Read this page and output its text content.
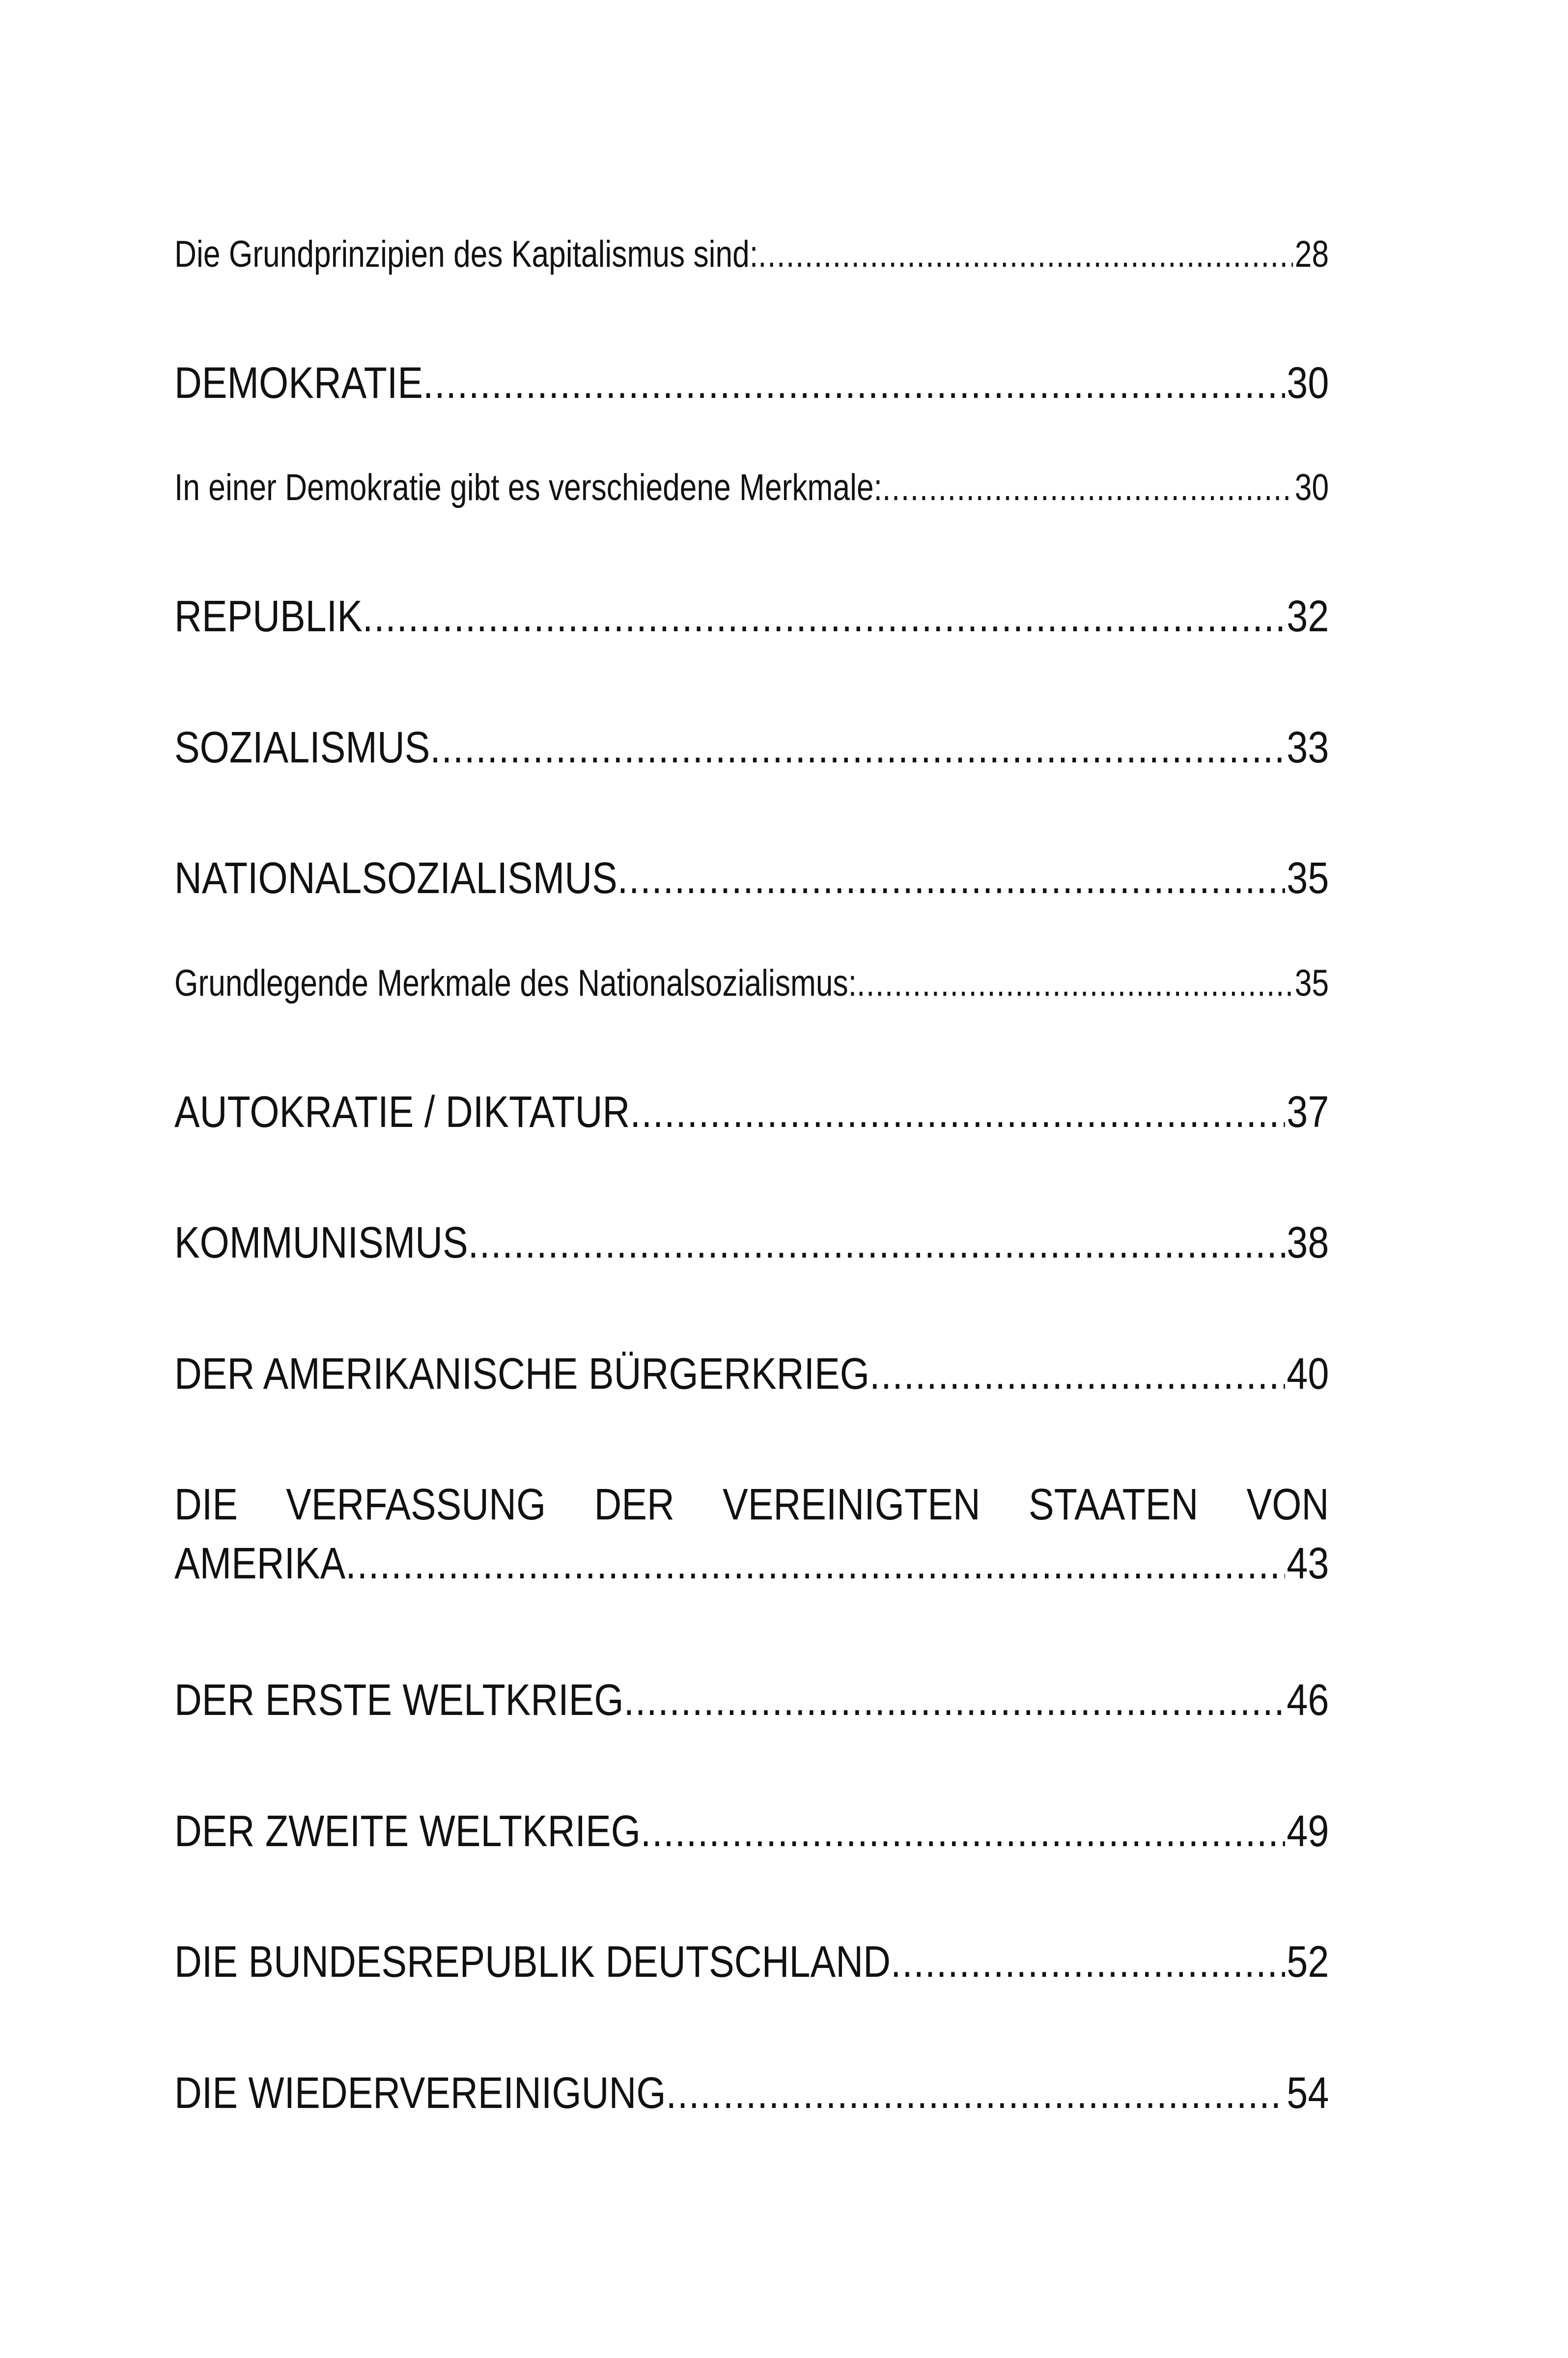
Die Grundprinzipien des Kapitalismus sind: .....	28
DEMOKRATIE .....	30
In einer Demokratie gibt es verschiedene Merkmale: .....	30
REPUBLIK .....	32
SOZIALISMUS .....	33
NATIONALSOZIALISMUS .....	35
Grundlegende Merkmale des Nationalsozialismus: .....	35
AUTOKRATIE / DIKTATUR .....	37
KOMMUNISMUS .....	38
DER AMERIKANISCHE BÜRGERKRIEG .....	40
DIE VERFASSUNG DER VEREINIGTEN STAATEN VON
AMERIKA .....	43
DER ERSTE WELTKRIEG .....	46
DER ZWEITE WELTKRIEG .....	49
DIE BUNDESREPUBLIK DEUTSCHLAND .....	52
DIE WIEDERVEREINIGUNG .....	54
